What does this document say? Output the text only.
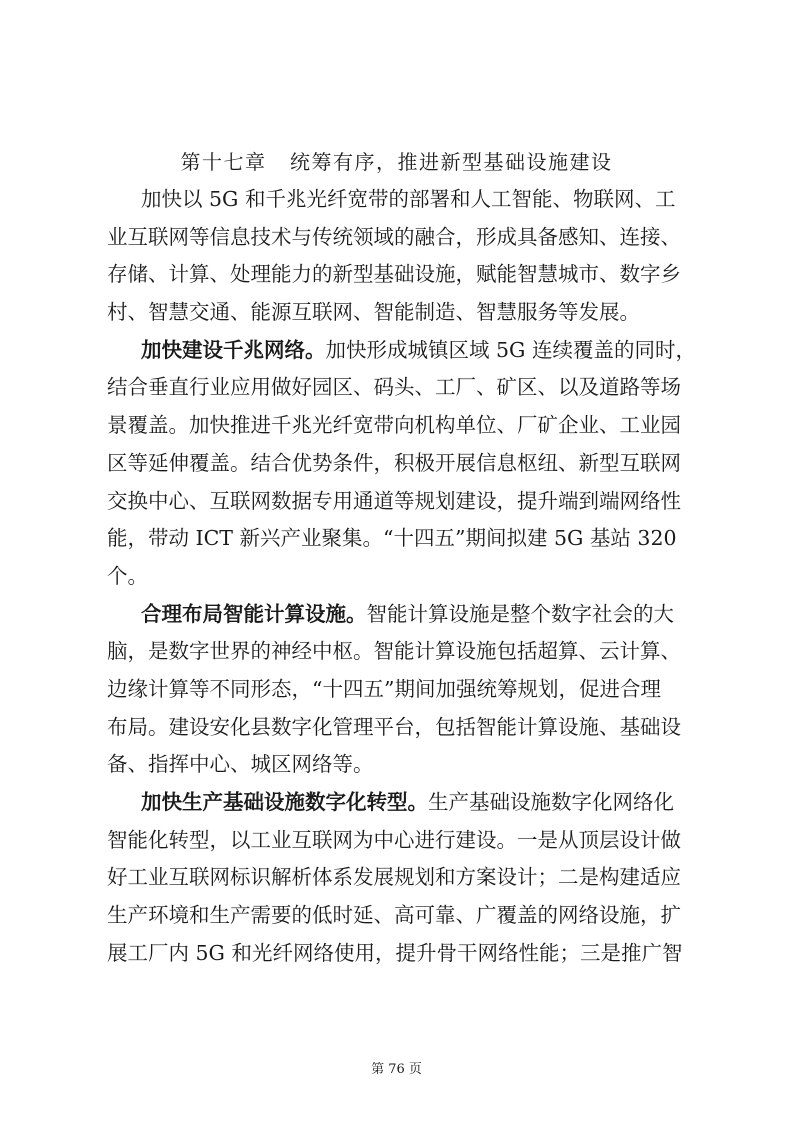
第十七章   统筹有序，推进新型基础设施建设
加快以 5G 和千兆光纤宽带的部署和人工智能、物联网、工
业互联网等信息技术与传统领域的融合，形成具备感知、连接、
存储、计算、处理能力的新型基础设施，赋能智慧城市、数字乡
村、智慧交通、能源互联网、智能制造、智慧服务等发展。
加快建设千兆网络。加快形成城镇区域 5G 连续覆盖的同时，
结合垂直行业应用做好园区、码头、工厂、矿区、以及道路等场
景覆盖。加快推进千兆光纤宽带向机构单位、厂矿企业、工业园
区等延伸覆盖。结合优势条件，积极开展信息枢纽、新型互联网
交换中心、互联网数据专用通道等规划建设，提升端到端网络性
能，带动 ICT 新兴产业聚集。“十四五”期间拟建 5G 基站 320
个。
合理布局智能计算设施。智能计算设施是整个数字社会的大
脑，是数字世界的神经中枢。智能计算设施包括超算、云计算、
边缘计算等不同形态，“十四五”期间加强统筹规划，促进合理
布局。建设安化县数字化管理平台，包括智能计算设施、基础设
备、指挥中心、城区网络等。
加快生产基础设施数字化转型。生产基础设施数字化网络化
智能化转型，以工业互联网为中心进行建设。一是从顶层设计做
好工业互联网标识解析体系发展规划和方案设计；二是构建适应
生产环境和生产需要的低时延、高可靠、广覆盖的网络设施，扩
展工厂内 5G 和光纤网络使用，提升骨干网络性能；三是推广智
第 76 页
